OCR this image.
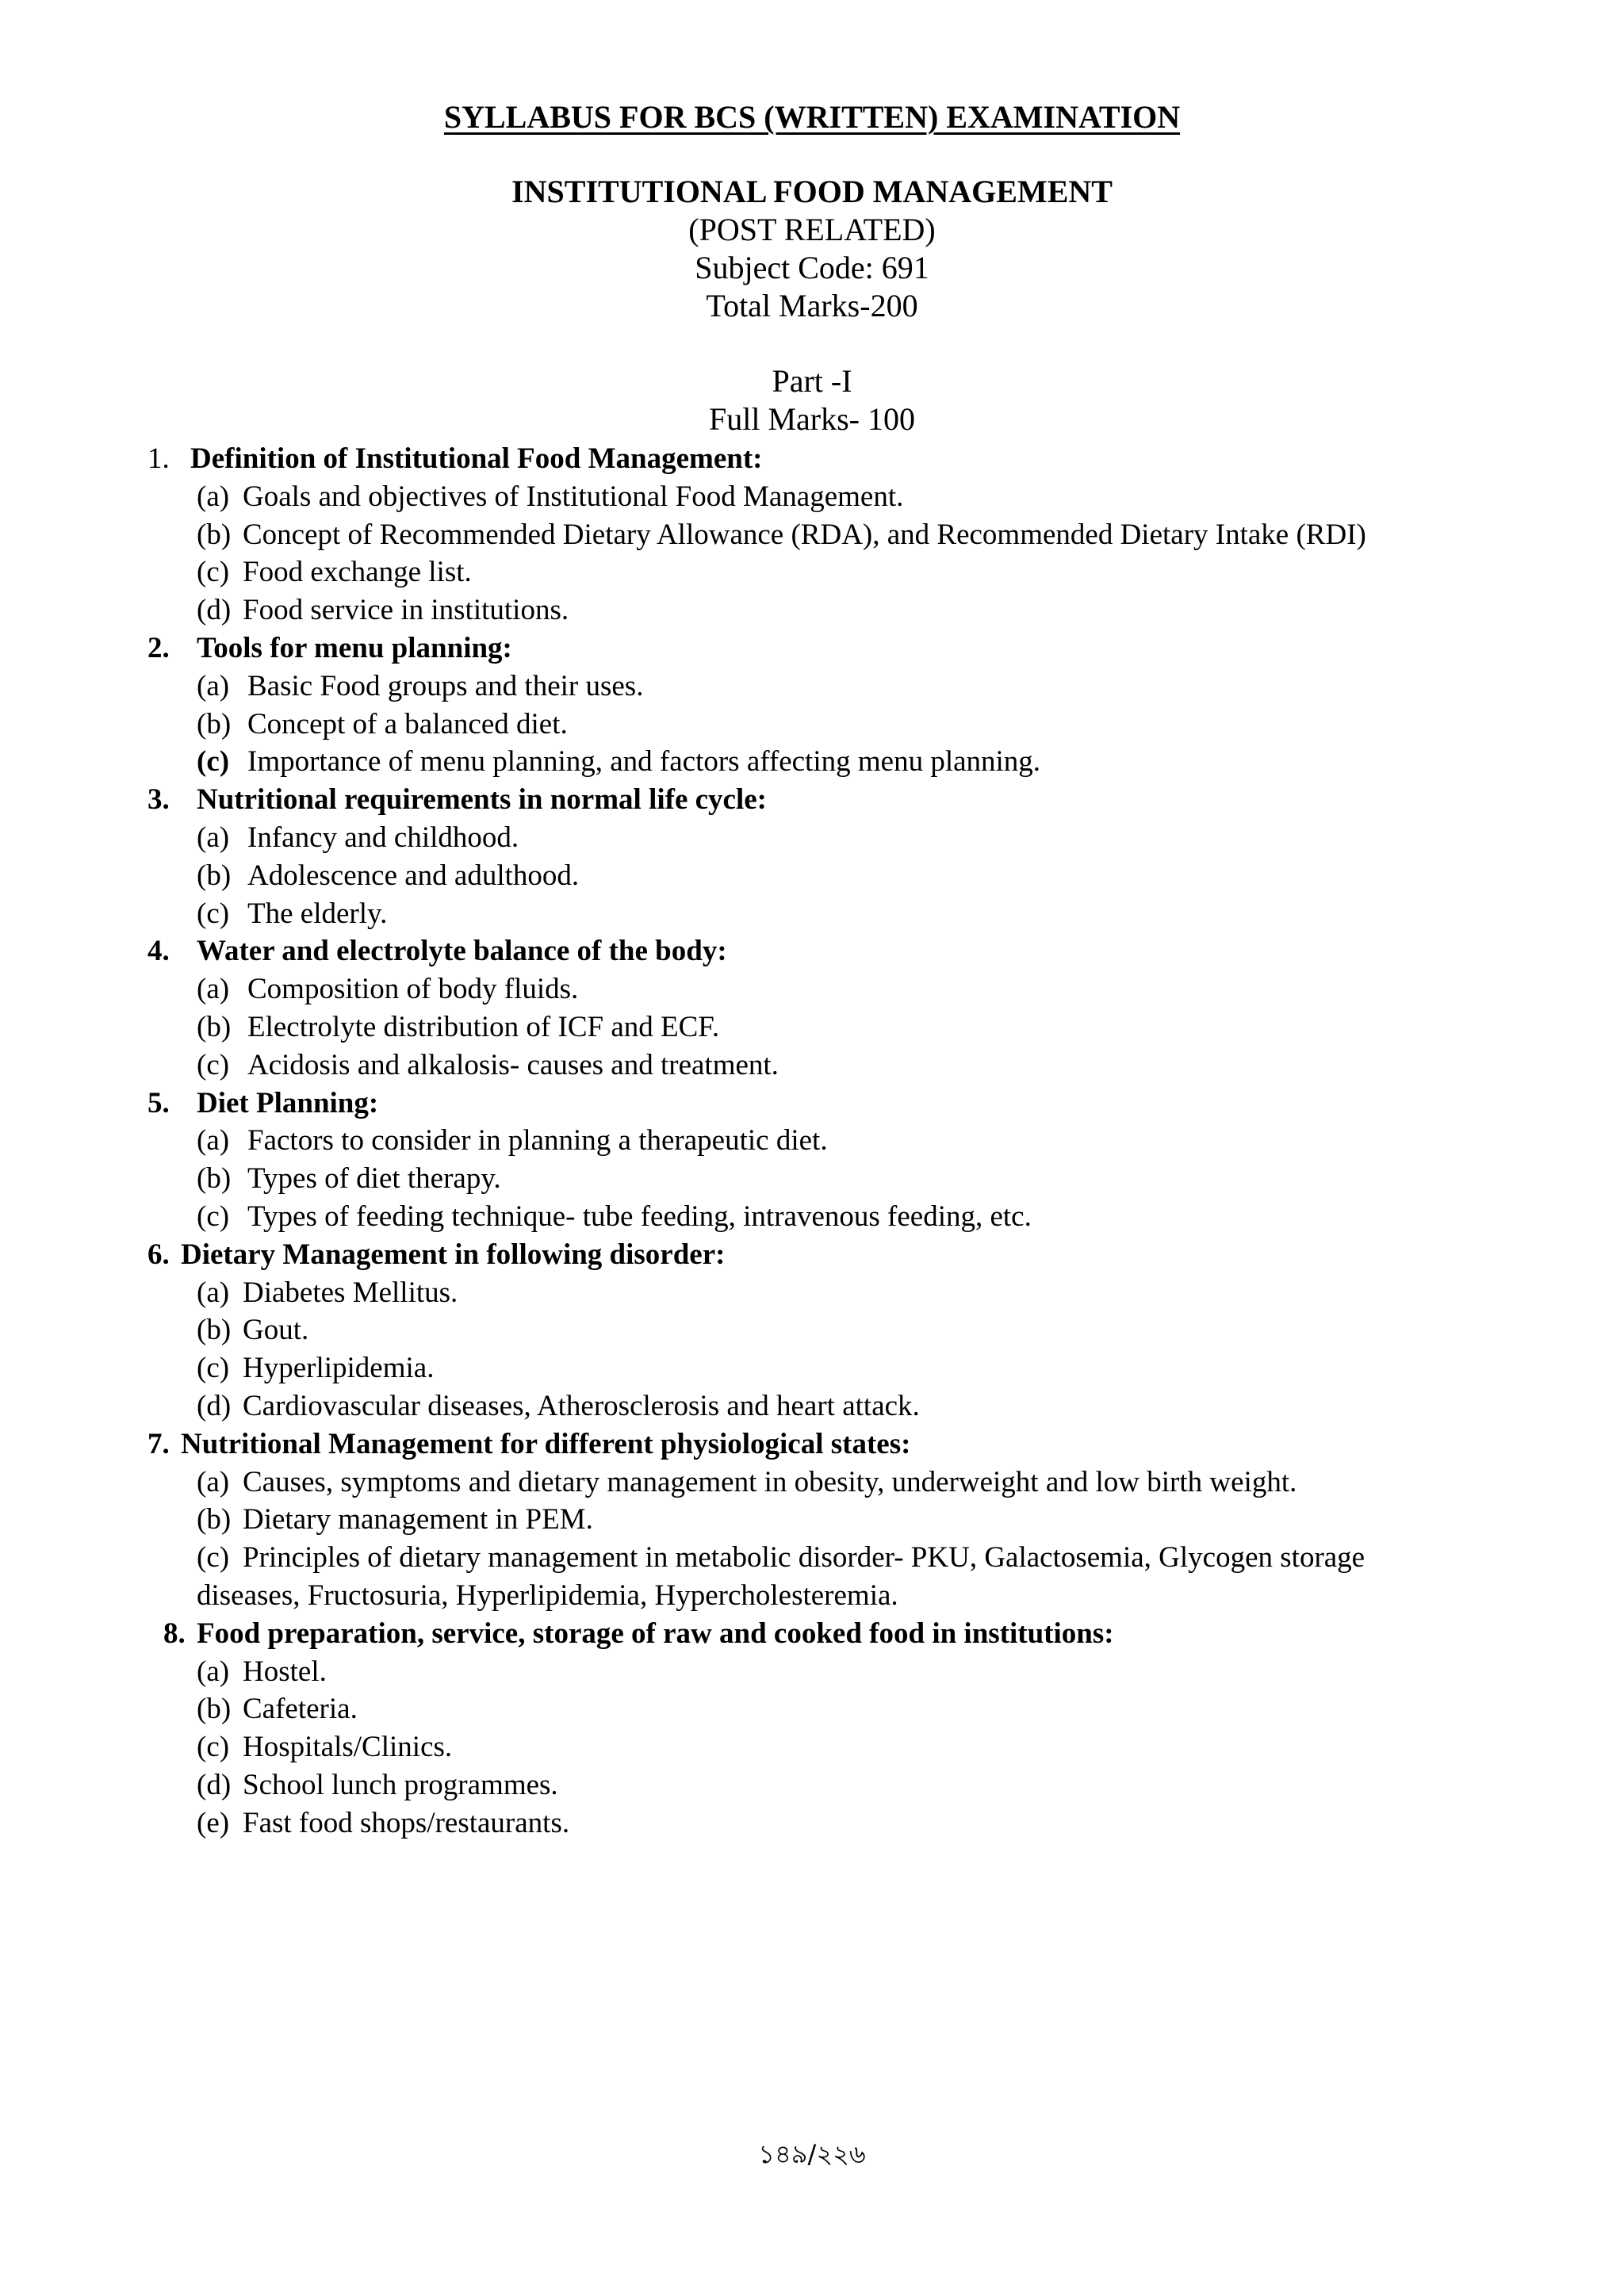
SYLLABUS FOR BCS (WRITTEN) EXAMINATION
INSTITUTIONAL FOOD MANAGEMENT
(POST RELATED)
Subject Code: 691
Total Marks-200
Part -I
Full Marks- 100
1. Definition of Institutional Food Management:
(a) Goals and objectives of Institutional Food Management.
(b) Concept of Recommended Dietary Allowance (RDA), and Recommended Dietary Intake (RDI)
(c) Food exchange list.
(d) Food service in institutions.
2. Tools for menu planning:
(a) Basic Food groups and their uses.
(b) Concept of a balanced diet.
(c) Importance of menu planning, and factors affecting menu planning.
3. Nutritional requirements in normal life cycle:
(a) Infancy and childhood.
(b) Adolescence and adulthood.
(c) The elderly.
4. Water and electrolyte balance of the body:
(a) Composition of body fluids.
(b) Electrolyte distribution of ICF and ECF.
(c) Acidosis and alkalosis- causes and treatment.
5. Diet Planning:
(a) Factors to consider in planning a therapeutic diet.
(b) Types of diet therapy.
(c) Types of feeding technique- tube feeding, intravenous feeding, etc.
6. Dietary Management in following disorder:
(a) Diabetes Mellitus.
(b) Gout.
(c) Hyperlipidemia.
(d) Cardiovascular diseases, Atherosclerosis and heart attack.
7. Nutritional Management for different physiological states:
(a) Causes, symptoms and dietary management in obesity, underweight and low birth weight.
(b) Dietary management in PEM.
(c) Principles of dietary management in metabolic disorder- PKU, Galactosemia, Glycogen storage
diseases, Fructosuria, Hyperlipidemia, Hypercholesteremia.
8. Food preparation, service, storage of raw and cooked food in institutions:
(a) Hostel.
(b) Cafeteria.
(c) Hospitals/Clinics.
(d) School lunch programmes.
(e) Fast food shops/restaurants.
১৪৯/২২৬
